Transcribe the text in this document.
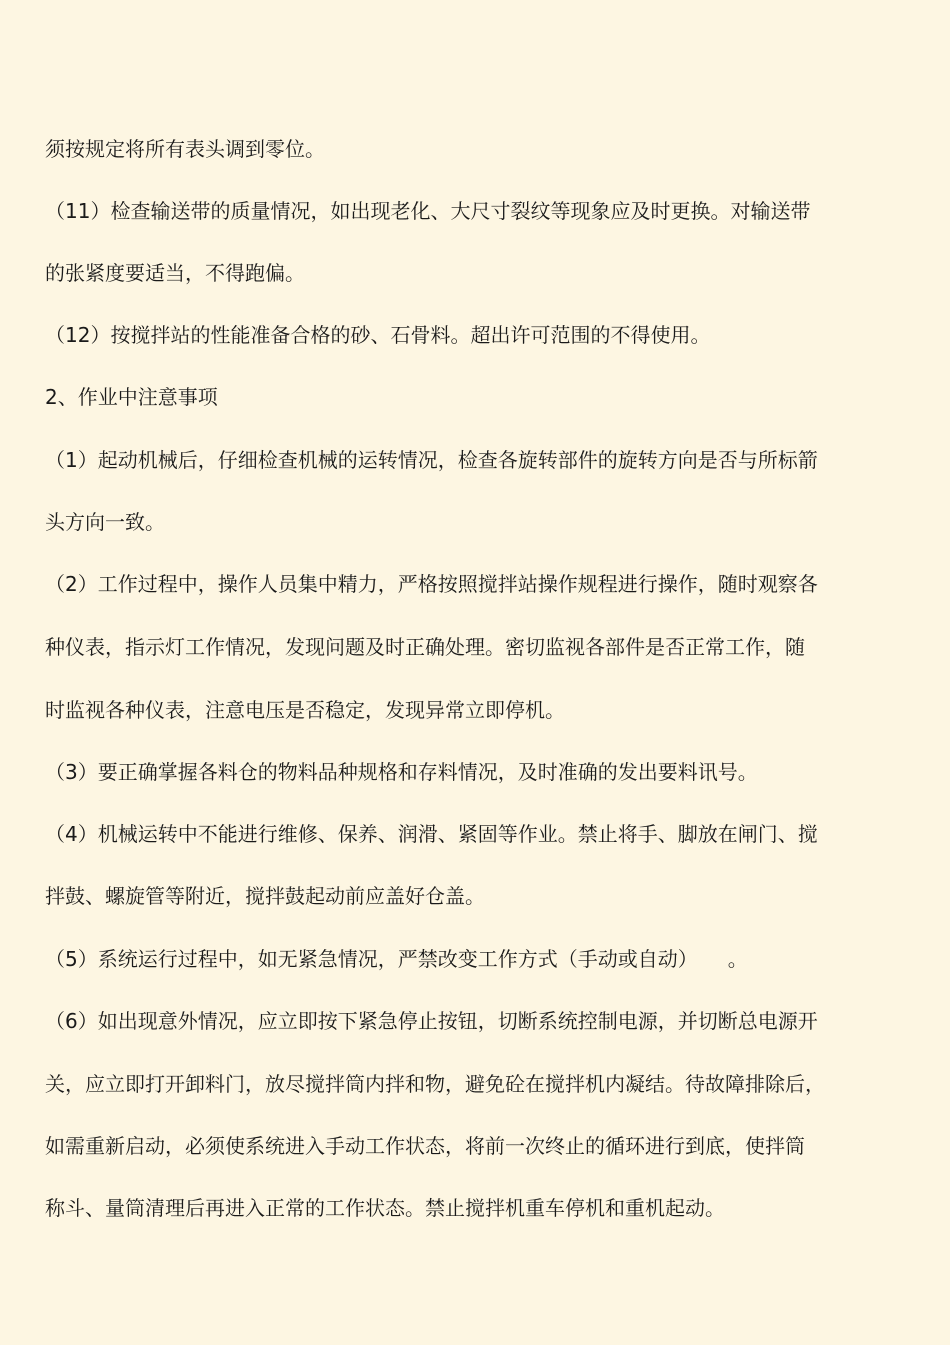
须按规定将所有表头调到零位。
（11）检查输送带的质量情况，如出现老化、大尺寸裂纹等现象应及时更换。对输送带
的张紧度要适当，不得跑偏。
（12）按搅拌站的性能准备合格的砂、石骨料。超出许可范围的不得使用。
2、作业中注意事项
（1）起动机械后，仔细检查机械的运转情况，检查各旋转部件的旋转方向是否与所标箭
头方向一致。
（2）工作过程中，操作人员集中精力，严格按照搅拌站操作规程进行操作，随时观察各
种仪表，指示灯工作情况，发现问题及时正确处理。密切监视各部件是否正常工作，随
时监视各种仪表，注意电压是否稳定，发现异常立即停机。
（3）要正确掌握各料仓的物料品种规格和存料情况，及时准确的发出要料讯号。
（4）机械运转中不能进行维修、保养、润滑、紧固等作业。禁止将手、脚放在闸门、搅
拌鼓、螺旋管等附近，搅拌鼓起动前应盖好仓盖。
（5）系统运行过程中，如无紧急情况，严禁改变工作方式（手动或自动）　　。
（6）如出现意外情况，应立即按下紧急停止按钮，切断系统控制电源，并切断总电源开
关，应立即打开卸料门，放尽搅拌筒内拌和物，避免砼在搅拌机内凝结。待故障排除后，
如需重新启动，必须使系统进入手动工作状态，将前一次终止的循环进行到底，使拌筒
称斗、量筒清理后再进入正常的工作状态。禁止搅拌机重车停机和重机起动。
